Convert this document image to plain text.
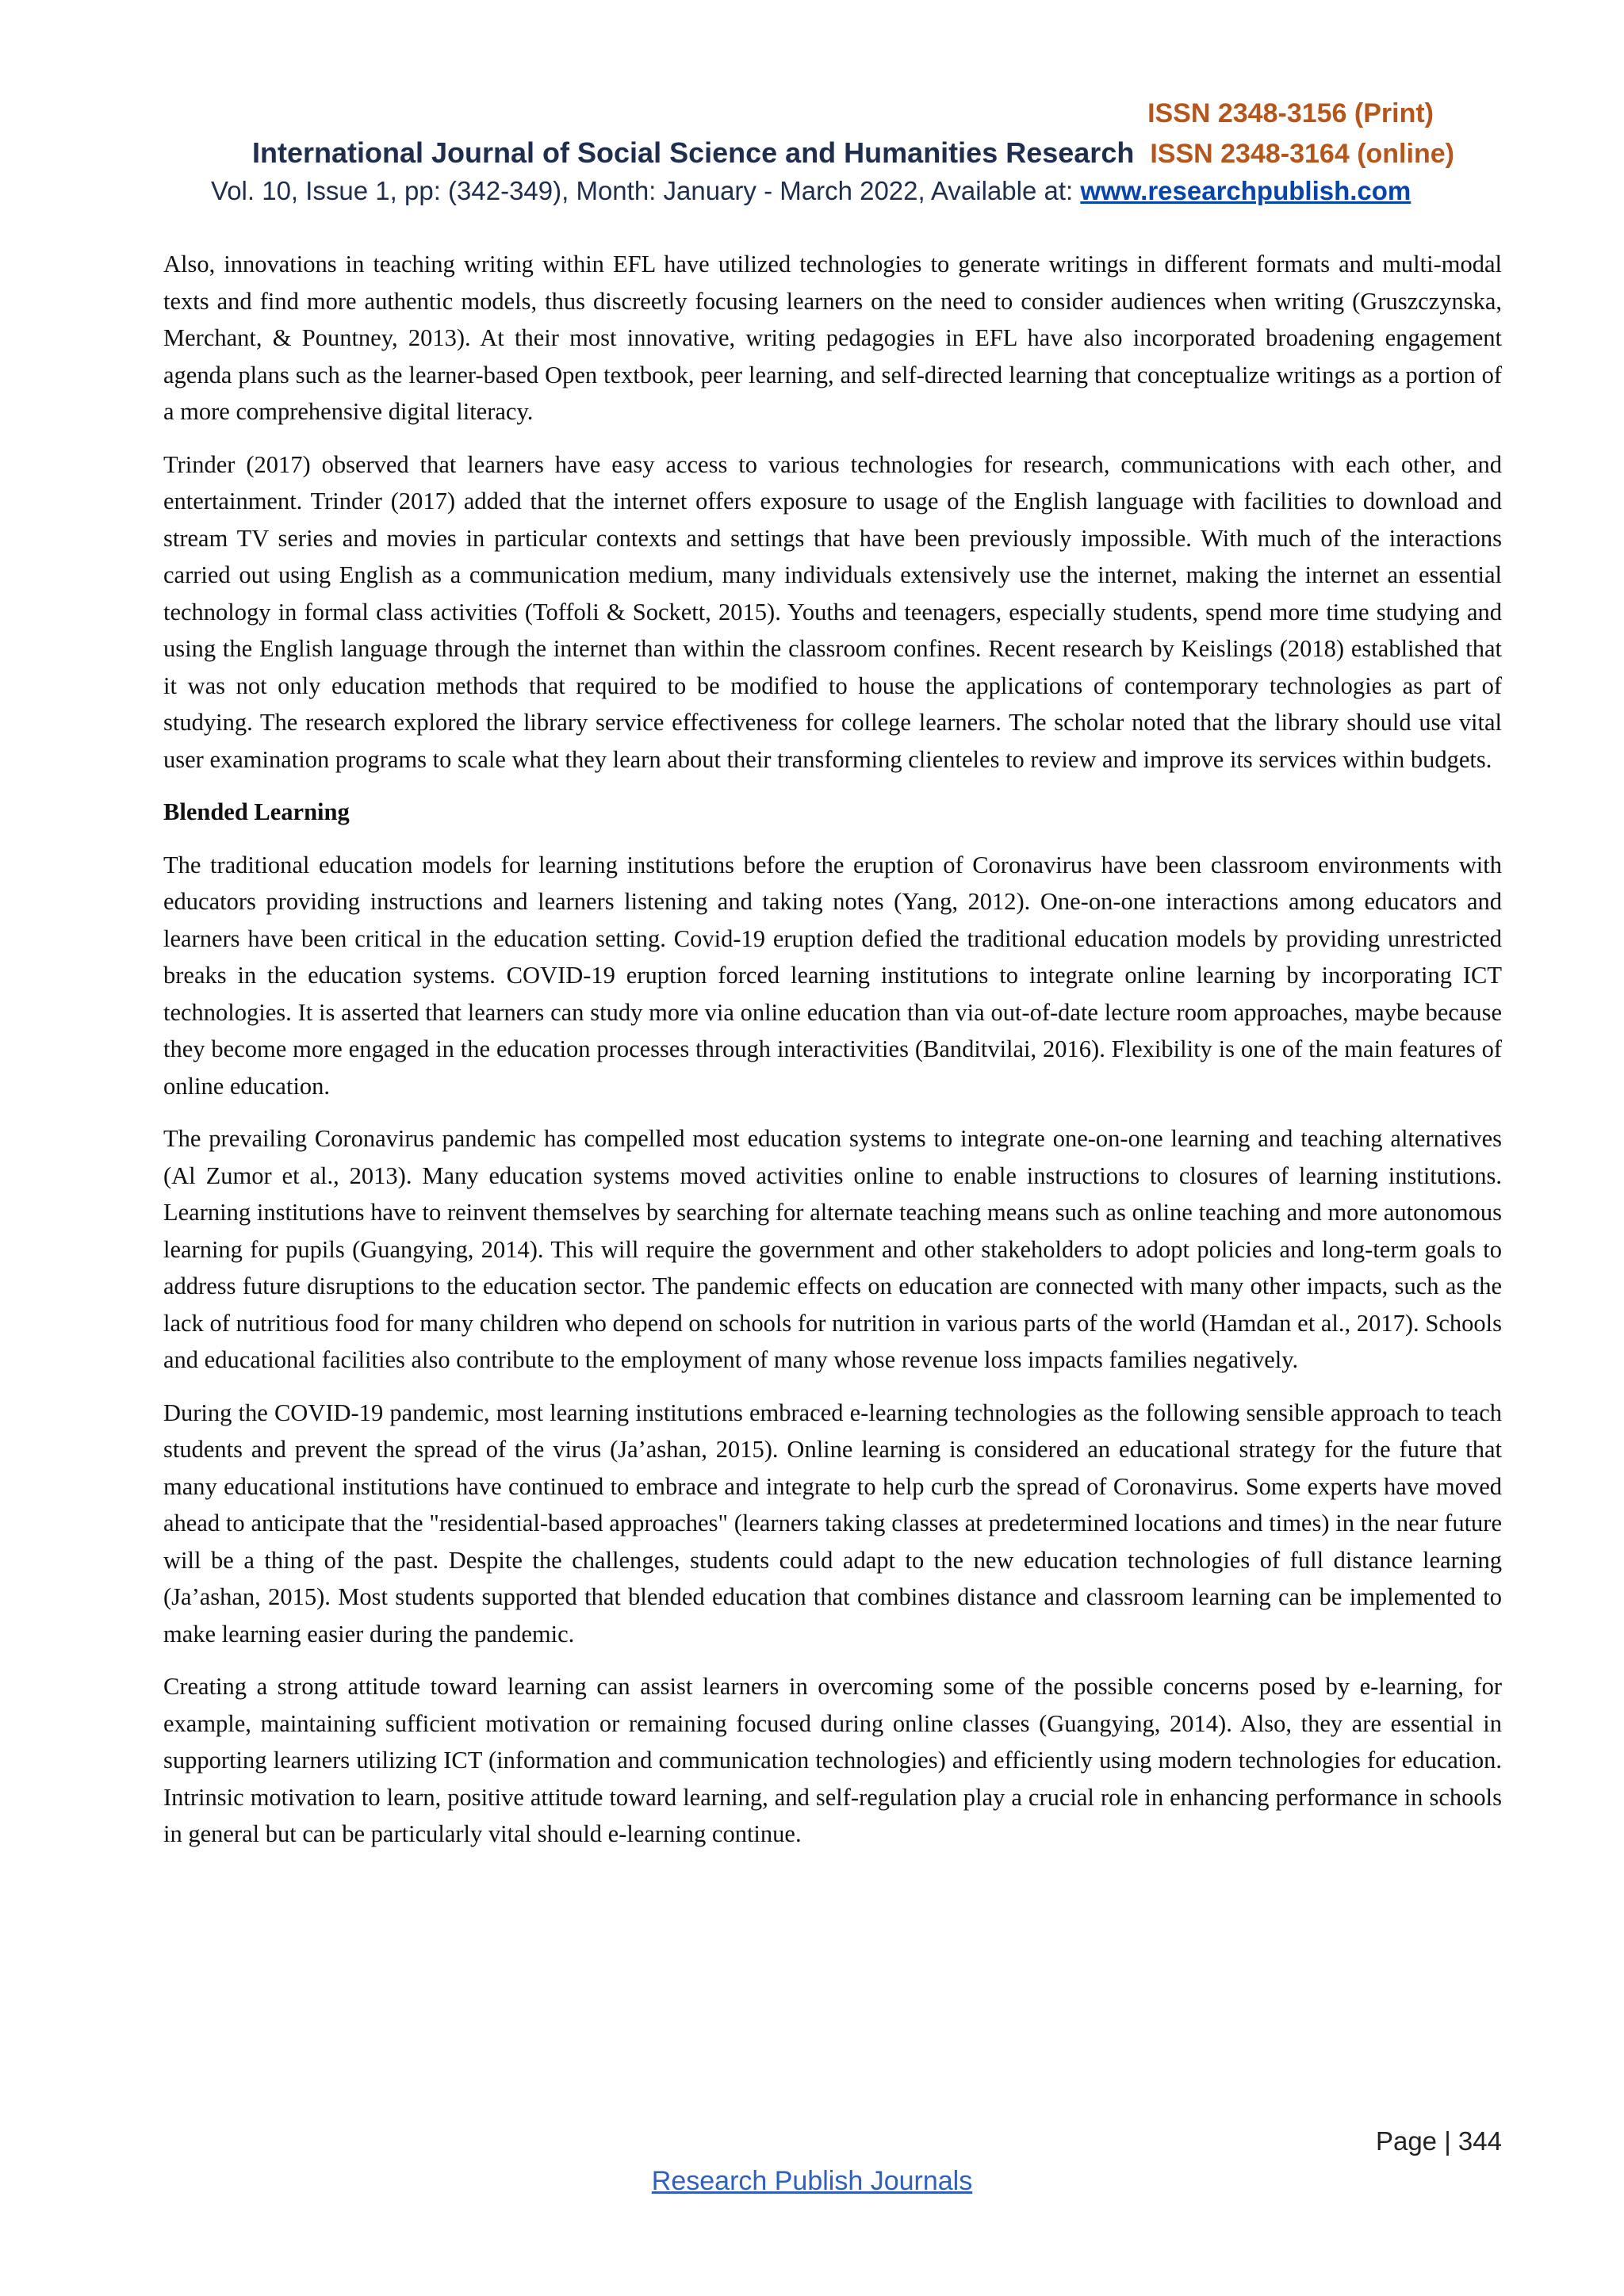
ISSN 2348-3156 (Print)
International Journal of Social Science and Humanities Research ISSN 2348-3164 (online)
Vol. 10, Issue 1, pp: (342-349), Month: January - March 2022, Available at: www.researchpublish.com

Also, innovations in teaching writing within EFL have utilized technologies to generate writings in different formats and multi-modal texts and find more authentic models, thus discreetly focusing learners on the need to consider audiences when writing (Gruszczynska, Merchant, & Pountney, 2013). At their most innovative, writing pedagogies in EFL have also incorporated broadening engagement agenda plans such as the learner-based Open textbook, peer learning, and self-directed learning that conceptualize writings as a portion of a more comprehensive digital literacy.

Trinder (2017) observed that learners have easy access to various technologies for research, communications with each other, and entertainment. Trinder (2017) added that the internet offers exposure to usage of the English language with facilities to download and stream TV series and movies in particular contexts and settings that have been previously impossible. With much of the interactions carried out using English as a communication medium, many individuals extensively use the internet, making the internet an essential technology in formal class activities (Toffoli & Sockett, 2015). Youths and teenagers, especially students, spend more time studying and using the English language through the internet than within the classroom confines. Recent research by Keislings (2018) established that it was not only education methods that required to be modified to house the applications of contemporary technologies as part of studying. The research explored the library service effectiveness for college learners. The scholar noted that the library should use vital user examination programs to scale what they learn about their transforming clienteles to review and improve its services within budgets.

Blended Learning

The traditional education models for learning institutions before the eruption of Coronavirus have been classroom environments with educators providing instructions and learners listening and taking notes (Yang, 2012). One-on-one interactions among educators and learners have been critical in the education setting. Covid-19 eruption defied the traditional education models by providing unrestricted breaks in the education systems. COVID-19 eruption forced learning institutions to integrate online learning by incorporating ICT technologies. It is asserted that learners can study more via online education than via out-of-date lecture room approaches, maybe because they become more engaged in the education processes through interactivities (Banditvilai, 2016). Flexibility is one of the main features of online education.

The prevailing Coronavirus pandemic has compelled most education systems to integrate one-on-one learning and teaching alternatives (Al Zumor et al., 2013). Many education systems moved activities online to enable instructions to closures of learning institutions. Learning institutions have to reinvent themselves by searching for alternate teaching means such as online teaching and more autonomous learning for pupils (Guangying, 2014). This will require the government and other stakeholders to adopt policies and long-term goals to address future disruptions to the education sector. The pandemic effects on education are connected with many other impacts, such as the lack of nutritious food for many children who depend on schools for nutrition in various parts of the world (Hamdan et al., 2017). Schools and educational facilities also contribute to the employment of many whose revenue loss impacts families negatively.

During the COVID-19 pandemic, most learning institutions embraced e-learning technologies as the following sensible approach to teach students and prevent the spread of the virus (Ja’ashan, 2015). Online learning is considered an educational strategy for the future that many educational institutions have continued to embrace and integrate to help curb the spread of Coronavirus. Some experts have moved ahead to anticipate that the "residential-based approaches" (learners taking classes at predetermined locations and times) in the near future will be a thing of the past. Despite the challenges, students could adapt to the new education technologies of full distance learning (Ja’ashan, 2015). Most students supported that blended education that combines distance and classroom learning can be implemented to make learning easier during the pandemic.

Creating a strong attitude toward learning can assist learners in overcoming some of the possible concerns posed by e-learning, for example, maintaining sufficient motivation or remaining focused during online classes (Guangying, 2014). Also, they are essential in supporting learners utilizing ICT (information and communication technologies) and efficiently using modern technologies for education. Intrinsic motivation to learn, positive attitude toward learning, and self-regulation play a crucial role in enhancing performance in schools in general but can be particularly vital should e-learning continue.

Page | 344
Research Publish Journals
